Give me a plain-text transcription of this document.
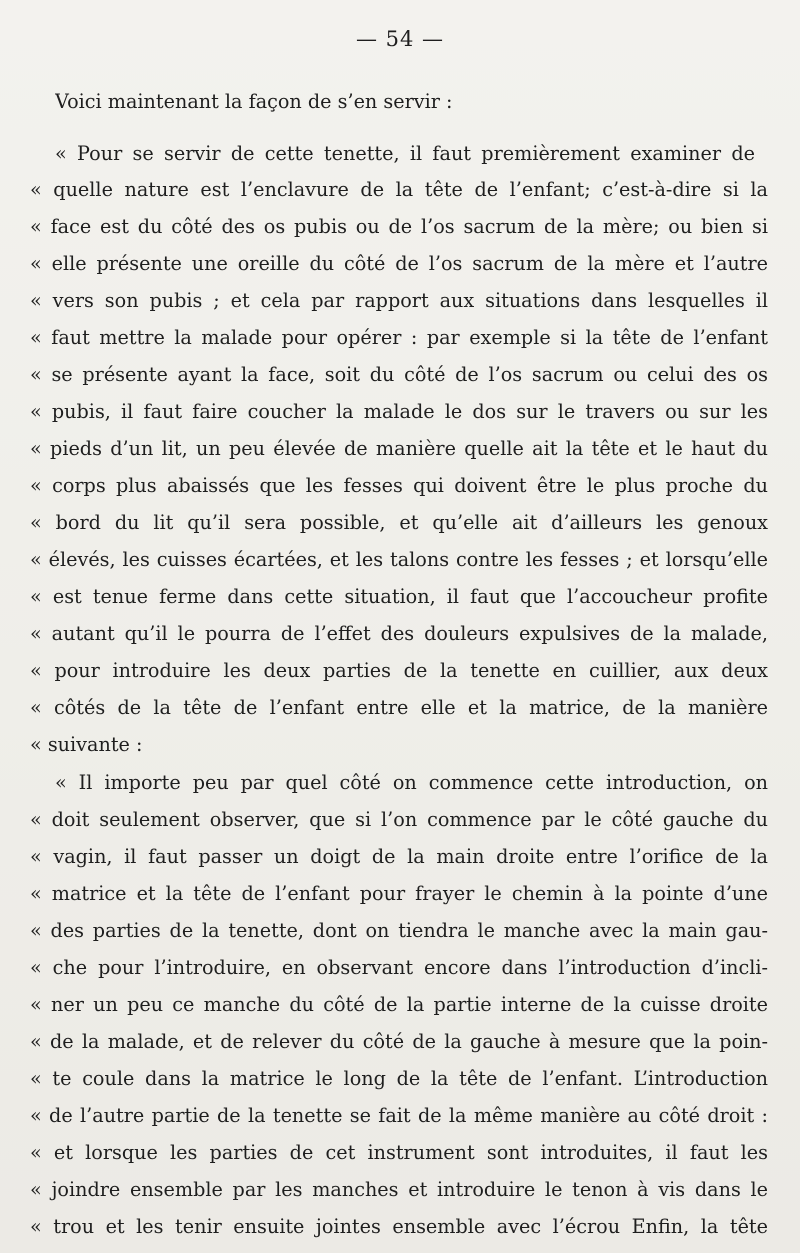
— 54 —
Voici maintenant la façon de s’en servir :
« Pour se servir de cette tenette, il faut premièrement examiner de
« quelle nature est l’enclavure de la tête de l’enfant; c’est-à-dire si la
« face est du côté des os pubis ou de l’os sacrum de la mère; ou bien si
« elle présente une oreille du côté de l’os sacrum de la mère et l’autre
« vers son pubis ; et cela par rapport aux situations dans lesquelles il
« faut mettre la malade pour opérer : par exemple si la tête de l’enfant
« se présente ayant la face, soit du côté de l’os sacrum ou celui des os
« pubis, il faut faire coucher la malade le dos sur le travers ou sur les
« pieds d’un lit, un peu élevée de manière quelle ait la tête et le haut du
« corps plus abaissés que les fesses qui doivent être le plus proche du
« bord du lit qu’il sera possible, et qu’elle ait d’ailleurs les genoux
« élevés, les cuisses écartées, et les talons contre les fesses ; et lorsqu’elle
« est tenue ferme dans cette situation, il faut que l’accoucheur profite
« autant qu’il le pourra de l’effet des douleurs expulsives de la malade,
« pour introduire les deux parties de la tenette en cuillier, aux deux
« côtés de la tête de l’enfant entre elle et la matrice, de la manière
« suivante :
« Il importe peu par quel côté on commence cette introduction, on
« doit seulement observer, que si l’on commence par le côté gauche du
« vagin, il faut passer un doigt de la main droite entre l’orifice de la
« matrice et la tête de l’enfant pour frayer le chemin à la pointe d’une
« des parties de la tenette, dont on tiendra le manche avec la main gau-
« che pour l’introduire, en observant encore dans l’introduction d’incli-
« ner un peu ce manche du côté de la partie interne de la cuisse droite
« de la malade, et de relever du côté de la gauche à mesure que la poin-
« te coule dans la matrice le long de la tête de l’enfant. L’introduction
« de l’autre partie de la tenette se fait de la même manière au côté droit :
« et lorsque les parties de cet instrument sont introduites, il faut les
« joindre ensemble par les manches et introduire le tenon à vis dans le
« trou et les tenir ensuite jointes ensemble avec l’écrou Enfin, la tête
